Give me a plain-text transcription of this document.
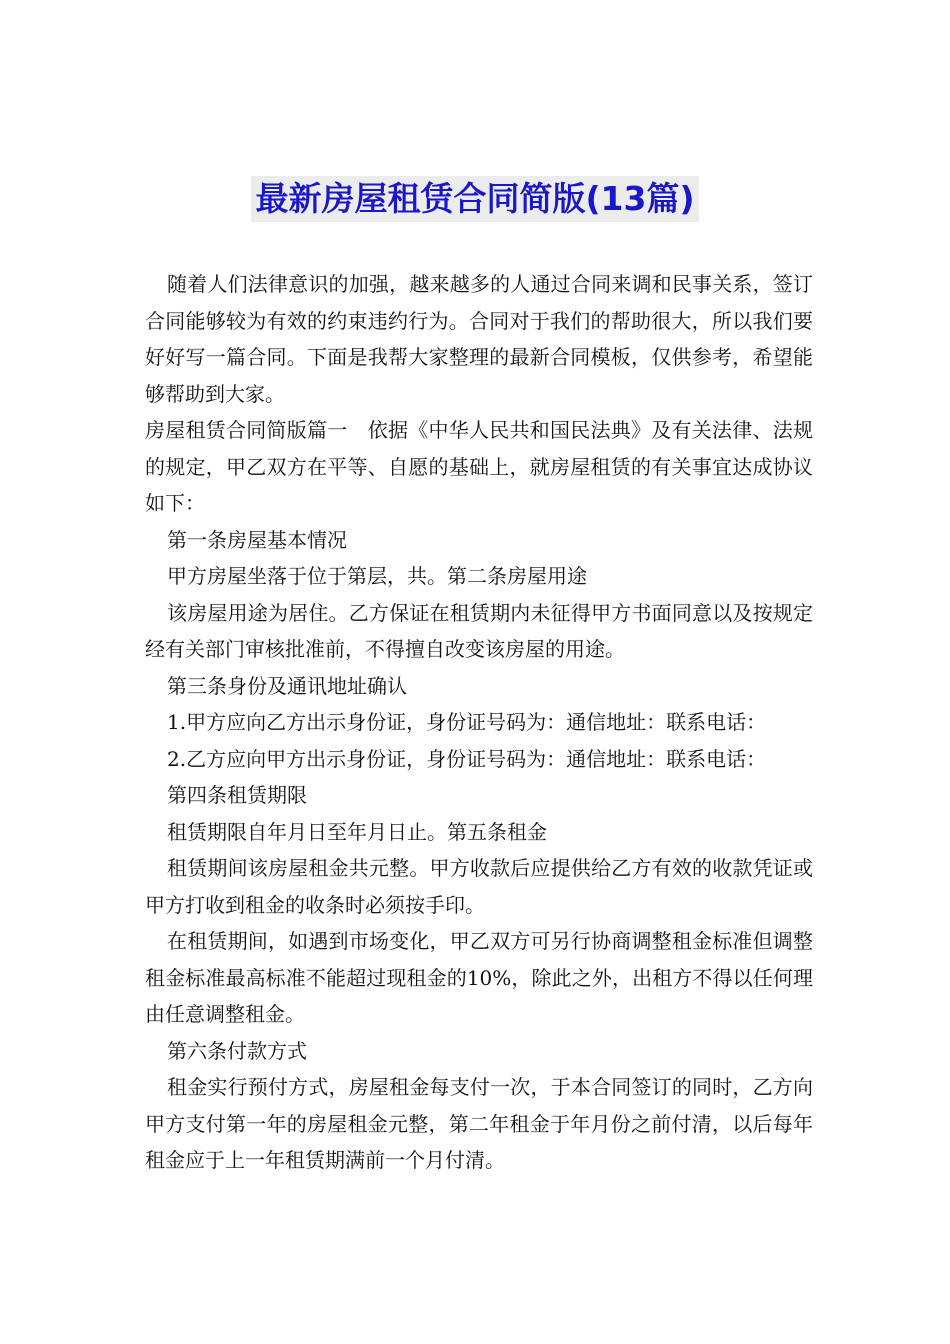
最新房屋租赁合同简版(13篇)

随着人们法律意识的加强，越来越多的人通过合同来调和民事关系，签订合同能够较为有效的约束违约行为。合同对于我们的帮助很大，所以我们要好好写一篇合同。下面是我帮大家整理的最新合同模板，仅供参考，希望能够帮助到大家。

房屋租赁合同简版篇一　依据《中华人民共和国民法典》及有关法律、法规的规定，甲乙双方在平等、自愿的基础上，就房屋租赁的有关事宜达成协议如下：

第一条房屋基本情况

甲方房屋坐落于位于第层，共。第二条房屋用途

该房屋用途为居住。乙方保证在租赁期内未征得甲方书面同意以及按规定经有关部门审核批准前，不得擅自改变该房屋的用途。

第三条身份及通讯地址确认

1.甲方应向乙方出示身份证，身份证号码为：通信地址：联系电话：

2.乙方应向甲方出示身份证，身份证号码为：通信地址：联系电话：

第四条租赁期限

租赁期限自年月日至年月日止。第五条租金

租赁期间该房屋租金共元整。甲方收款后应提供给乙方有效的收款凭证或甲方打收到租金的收条时必须按手印。

在租赁期间，如遇到市场变化，甲乙双方可另行协商调整租金标准但调整租金标准最高标准不能超过现租金的10%，除此之外，出租方不得以任何理由任意调整租金。

第六条付款方式

租金实行预付方式，房屋租金每支付一次，于本合同签订的同时，乙方向甲方支付第一年的房屋租金元整，第二年租金于年月份之前付清，以后每年租金应于上一年租赁期满前一个月付清。
